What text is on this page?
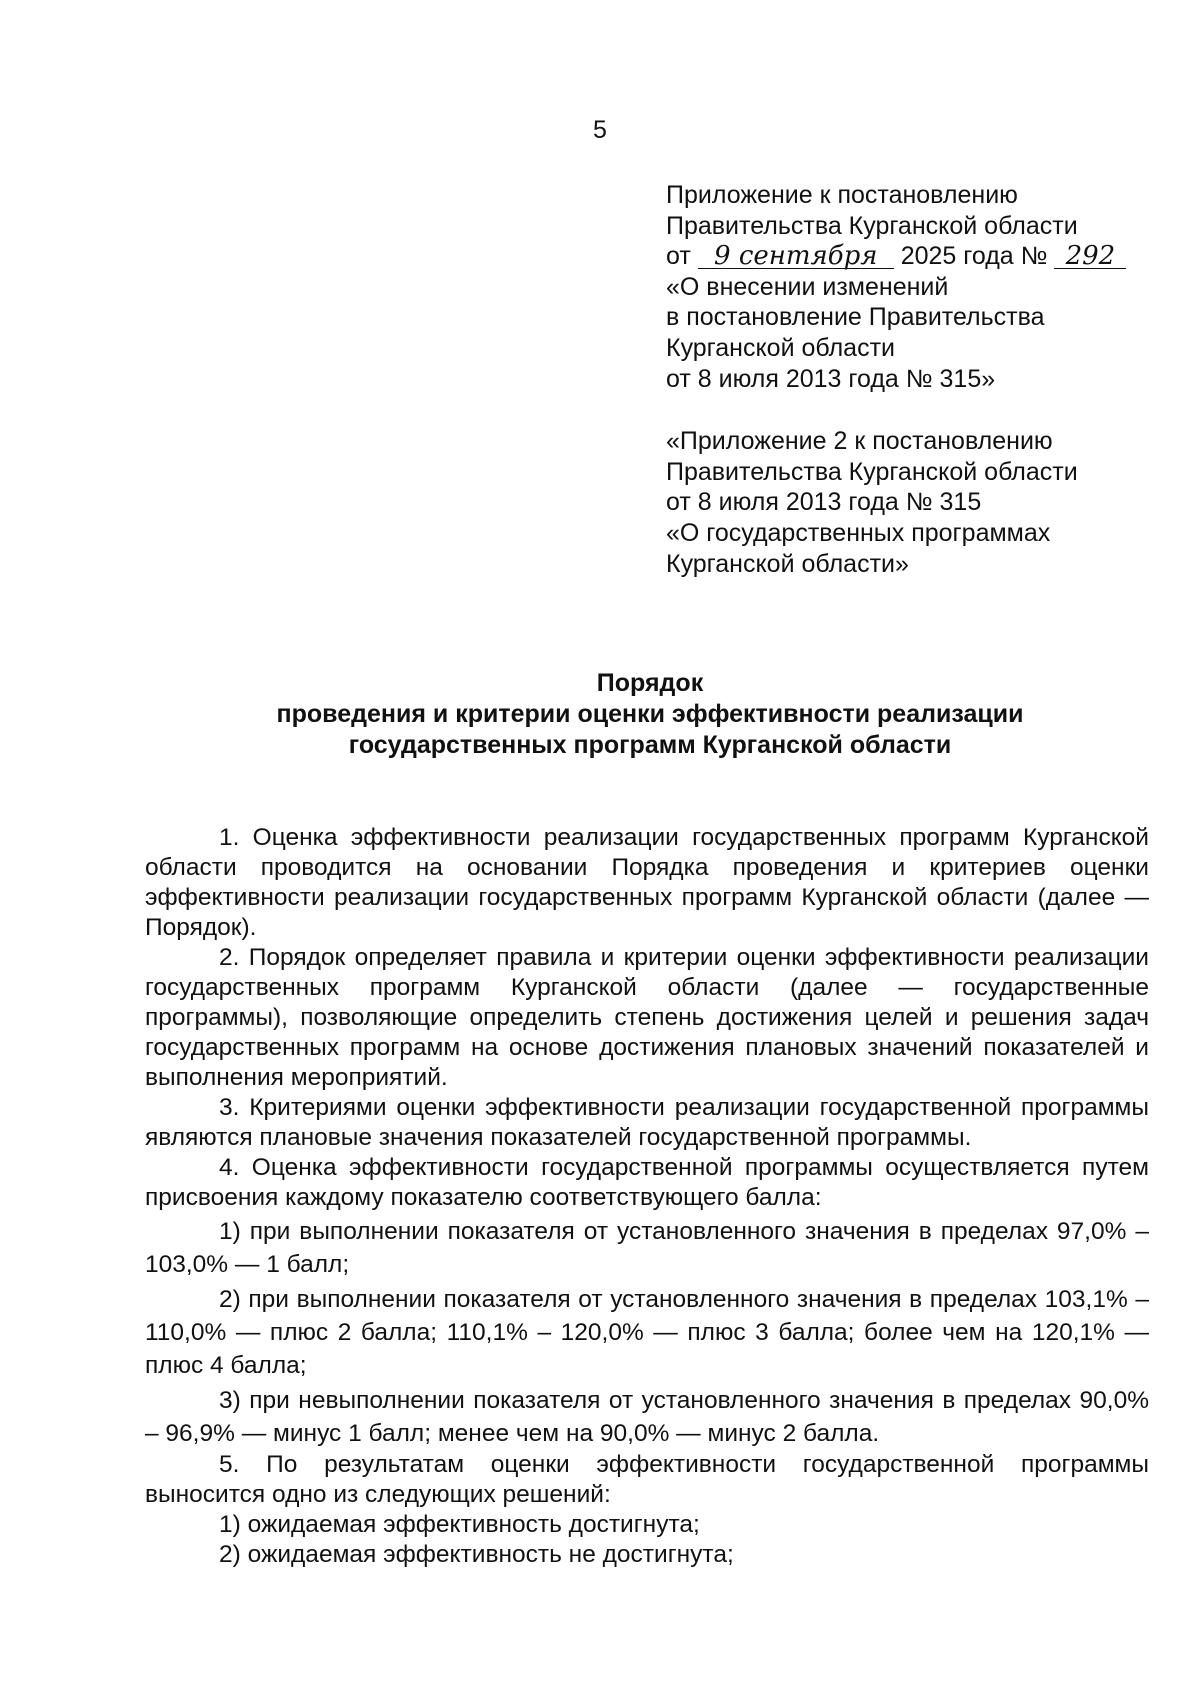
5

Приложение к постановлению

Правительства Курганской области

от 9 сентября 2025 года № 292

«О внесении изменений

в постановление Правительства

Курганской области

от 8 июля 2013 года № 315»

«Приложение 2 к постановлению

Правительства Курганской области

от 8 июля 2013 года № 315

«О государственных программах

Курганской области»

Порядок

проведения и критерии оценки эффективности реализации

государственных программ Курганской области

1. Оценка эффективности реализации государственных программ Курганской области проводится на основании Порядка проведения и критериев оценки эффективности реализации государственных программ Курганской области (далее — Порядок).

2. Порядок определяет правила и критерии оценки эффективности реализации государственных программ Курганской области (далее — государственные программы), позволяющие определить степень достижения целей и решения задач государственных программ на основе достижения плановых значений показателей и выполнения мероприятий.

3. Критериями оценки эффективности реализации государственной программы являются плановые значения показателей государственной программы.

4. Оценка эффективности государственной программы осуществляется путем присвоения каждому показателю соответствующего балла:

1) при выполнении показателя от установленного значения в пределах 97,0% – 103,0% — 1 балл;

2) при выполнении показателя от установленного значения в пределах 103,1% – 110,0% — плюс 2 балла; 110,1% – 120,0% — плюс 3 балла; более чем на 120,1% — плюс 4 балла;

3) при невыполнении показателя от установленного значения в пределах 90,0% – 96,9% — минус 1 балл; менее чем на 90,0% — минус 2 балла.

5. По результатам оценки эффективности государственной программы выносится одно из следующих решений:

1) ожидаемая эффективность достигнута;

2) ожидаемая эффективность не достигнута;
